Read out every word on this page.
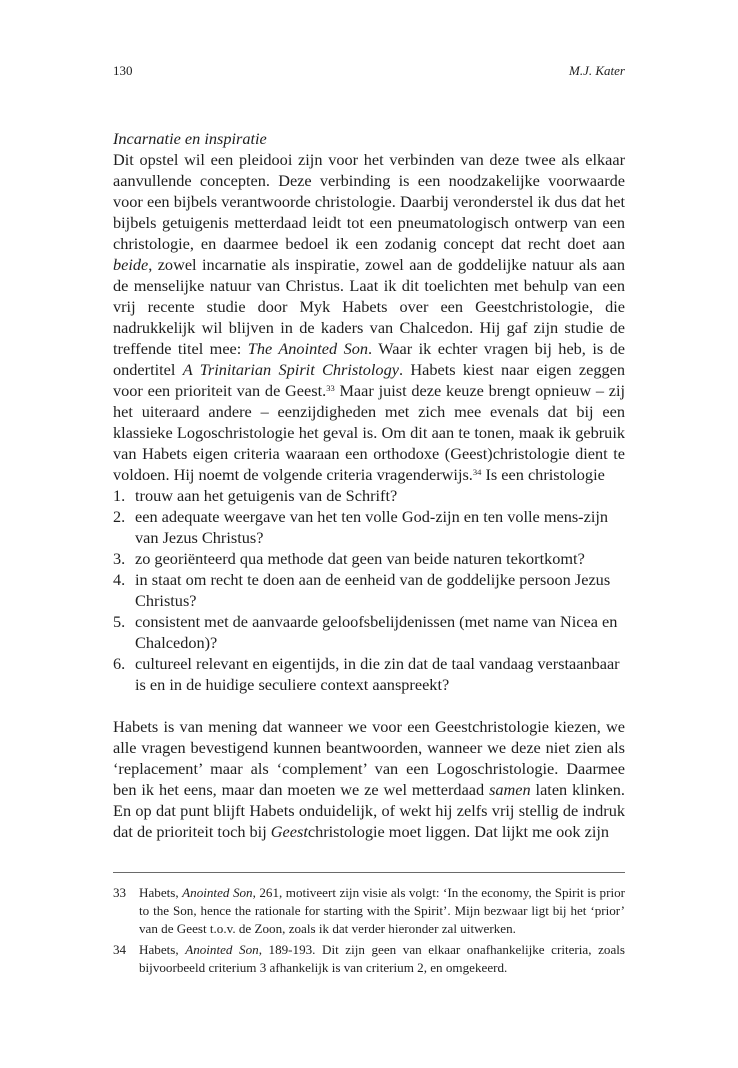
130	M.J. Kater

Incarnatie en inspiratie

Dit opstel wil een pleidooi zijn voor het verbinden van deze twee als elkaar aanvullende concepten. Deze verbinding is een noodzakelijke voorwaarde voor een bijbels verantwoorde christologie. Daarbij veronderstel ik dus dat het bijbels getuigenis metterdaad leidt tot een pneumatologisch ontwerp van een christologie, en daarmee bedoel ik een zodanig concept dat recht doet aan beide, zowel incarnatie als inspiratie, zowel aan de goddelijke natuur als aan de menselijke natuur van Christus. Laat ik dit toelichten met behulp van een vrij recente studie door Myk Habets over een Geestchristologie, die nadrukkelijk wil blijven in de kaders van Chalcedon. Hij gaf zijn studie de treffende titel mee: The Anointed Son. Waar ik echter vragen bij heb, is de ondertitel A Trinitarian Spirit Christology. Habets kiest naar eigen zeggen voor een prioriteit van de Geest.$^{33}$ Maar juist deze keuze brengt opnieuw – zij het uiteraard andere – eenzijdigheden met zich mee evenals dat bij een klassieke Logoschristologie het geval is. Om dit aan te tonen, maak ik gebruik van Habets eigen criteria waaraan een orthodoxe (Geest)christologie dient te voldoen. Hij noemt de volgende criteria vragenderwijs.$^{34}$ Is een christologie

1. trouw aan het getuigenis van de Schrift?
2. een adequate weergave van het ten volle God-zijn en ten volle mens-zijn van Jezus Christus?
3. zo georiënteerd qua methode dat geen van beide naturen tekortkomt?
4. in staat om recht te doen aan de eenheid van de goddelijke persoon Jezus Christus?
5. consistent met de aanvaarde geloofsbelijdenissen (met name van Nicea en Chalcedon)?
6. cultureel relevant en eigentijds, in die zin dat de taal vandaag verstaanbaar is en in de huidige seculiere context aanspreekt?

Habets is van mening dat wanneer we voor een Geestchristologie kiezen, we alle vragen bevestigend kunnen beantwoorden, wanneer we deze niet zien als ‘replacement’ maar als ‘complement’ van een Logoschristologie. Daarmee ben ik het eens, maar dan moeten we ze wel metterdaad samen laten klinken. En op dat punt blijft Habets onduidelijk, of wekt hij zelfs vrij stellig de indruk dat de prioriteit toch bij Geestchristologie moet liggen. Dat lijkt me ook zijn

33 Habets, Anointed Son, 261, motiveert zijn visie als volgt: ‘In the economy, the Spirit is prior to the Son, hence the rationale for starting with the Spirit’. Mijn bezwaar ligt bij het ‘prior’ van de Geest t.o.v. de Zoon, zoals ik dat verder hieronder zal uitwerken.

34 Habets, Anointed Son, 189-193. Dit zijn geen van elkaar onafhankelijke criteria, zoals bijvoorbeeld criterium 3 afhankelijk is van criterium 2, en omgekeerd.
